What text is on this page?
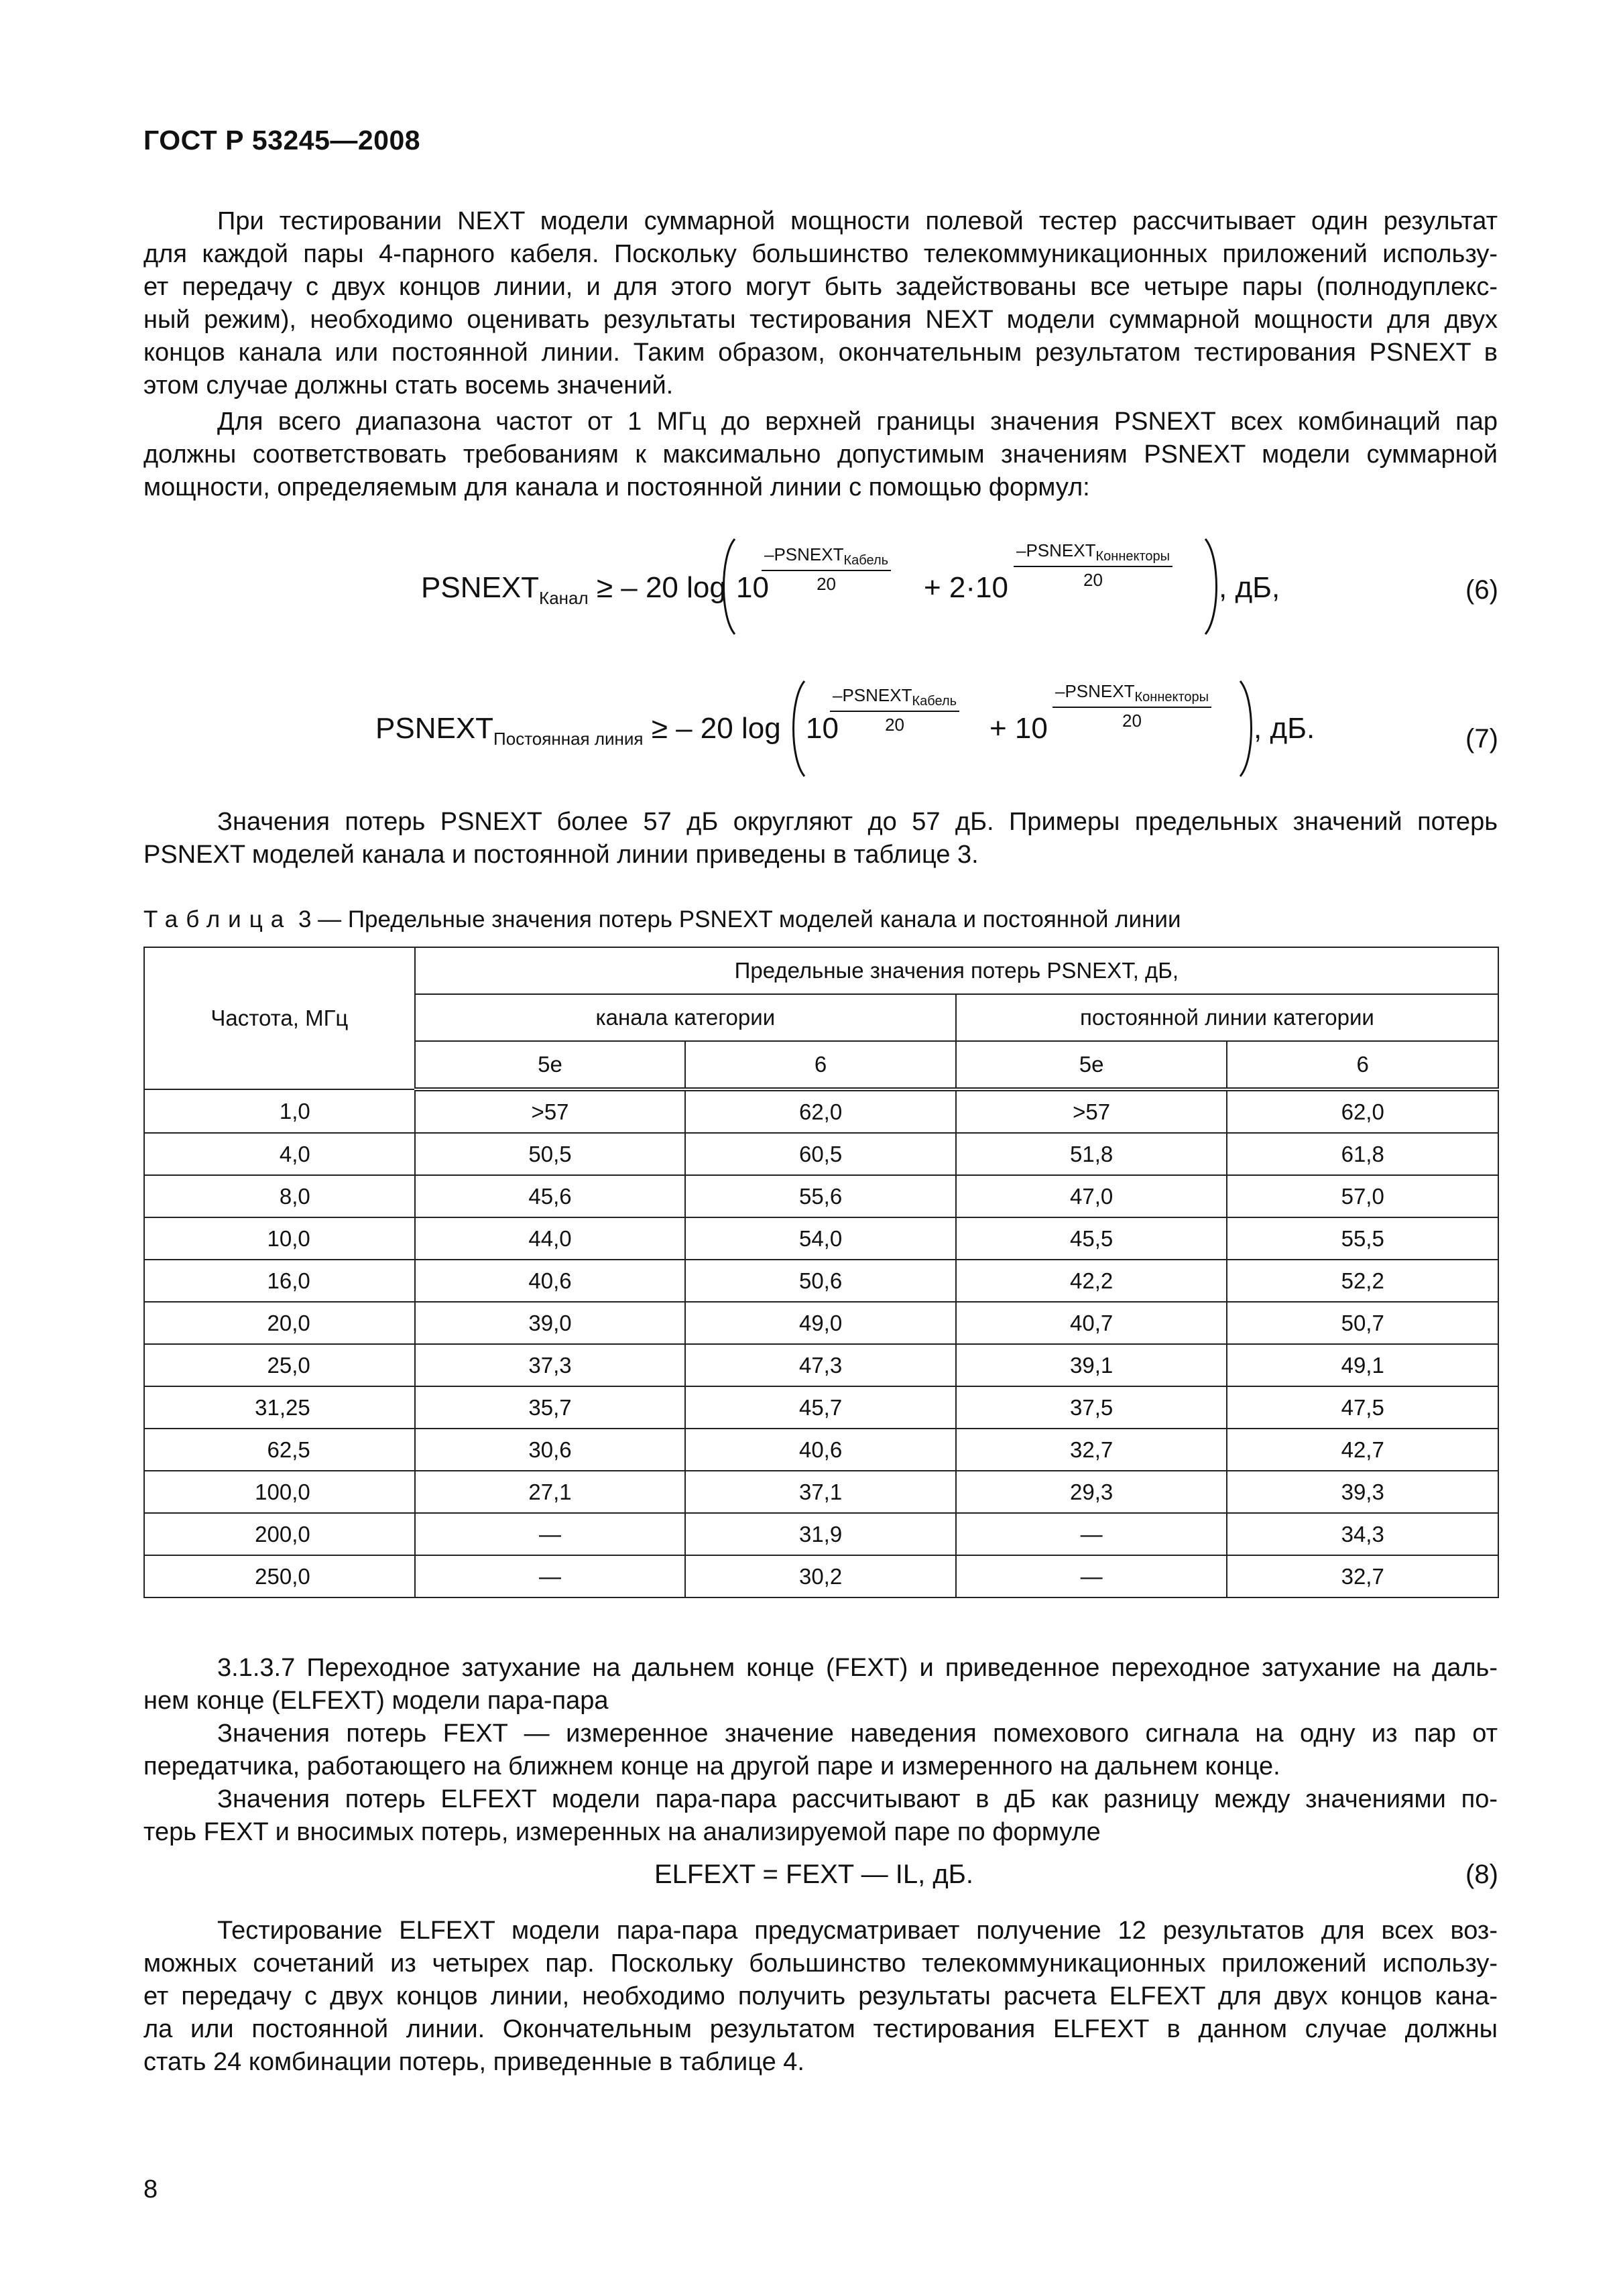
ГОСТ Р 53245—2008
При тестировании NEXT модели суммарной мощности полевой тестер рассчитывает один результат
для каждой пары 4-парного кабеля. Поскольку большинство телекоммуникационных приложений использу-
ет передачу с двух концов линии, и для этого могут быть задействованы все четыре пары (полнодуплекс-
ный режим), необходимо оценивать результаты тестирования NEXT модели суммарной мощности для двух
концов канала или постоянной линии. Таким образом, окончательным результатом тестирования PSNEXT в
этом случае должны стать восемь значений.
Для всего диапазона частот от 1 МГц до верхней границы значения PSNEXT всех комбинаций пар
должны соответствовать требованиям к максимально допустимым значениям PSNEXT модели суммарной
мощности, определяемым для канала и постоянной линии с помощью формул:
$PSNEXT_{Канал}$ ≥ – 20 log 10
$-PSNEXT_{Кабель}$
20	+ 2·10
$-PSNEXT_{Коннекторы}$
20	, дБ,	(6)
$PSNEXT_{Постоянная линия}$ ≥ – 20 log 10
$-PSNEXT_{Кабель}$
20	+ 10
$-PSNEXT_{Коннекторы}$
20	, дБ.	(7)
Значения потерь PSNEXT более 57 дБ округляют до 57 дБ. Примеры предельных значений потерь
PSNEXT моделей канала и постоянной линии приведены в таблице 3.
Таблица 3 — Предельные значения потерь PSNEXT моделей канала и постоянной линии
Частота, МГц	Предельные значения потерь PSNEXT, дБ,			
	канала категории		постоянной линии категории	
	5е	6	5е	6
1,0	>57	62,0	>57	62,0
4,0	50,5	60,5	51,8	61,8
8,0	45,6	55,6	47,0	57,0
10,0	44,0	54,0	45,5	55,5
16,0	40,6	50,6	42,2	52,2
20,0	39,0	49,0	40,7	50,7
25,0	37,3	47,3	39,1	49,1
31,25	35,7	45,7	37,5	47,5
62,5	30,6	40,6	32,7	42,7
100,0	27,1	37,1	29,3	39,3
200,0	—	31,9	—	34,3
250,0	—	30,2	—	32,7
3.1.3.7 Переходное затухание на дальнем конце (FEXT) и приведенное переходное затухание на даль-
нем конце (ELFEXT) модели пара-пара
Значения потерь FEXT — измеренное значение наведения помехового сигнала на одну из пар от
передатчика, работающего на ближнем конце на другой паре и измеренного на дальнем конце.
Значения потерь ELFEXT модели пара-пара рассчитывают в дБ как разницу между значениями по-
терь FEXT и вносимых потерь, измеренных на анализируемой паре по формуле
ELFEXT = FEXT — IL, дБ.	(8)
Тестирование ELFEXT модели пара-пара предусматривает получение 12 результатов для всех воз-
можных сочетаний из четырех пар. Поскольку большинство телекоммуникационных приложений использу-
ет передачу с двух концов линии, необходимо получить результаты расчета ELFEXT для двух концов кана-
ла или постоянной линии. Окончательным результатом тестирования ELFEXT в данном случае должны
стать 24 комбинации потерь, приведенные в таблице 4.
8
